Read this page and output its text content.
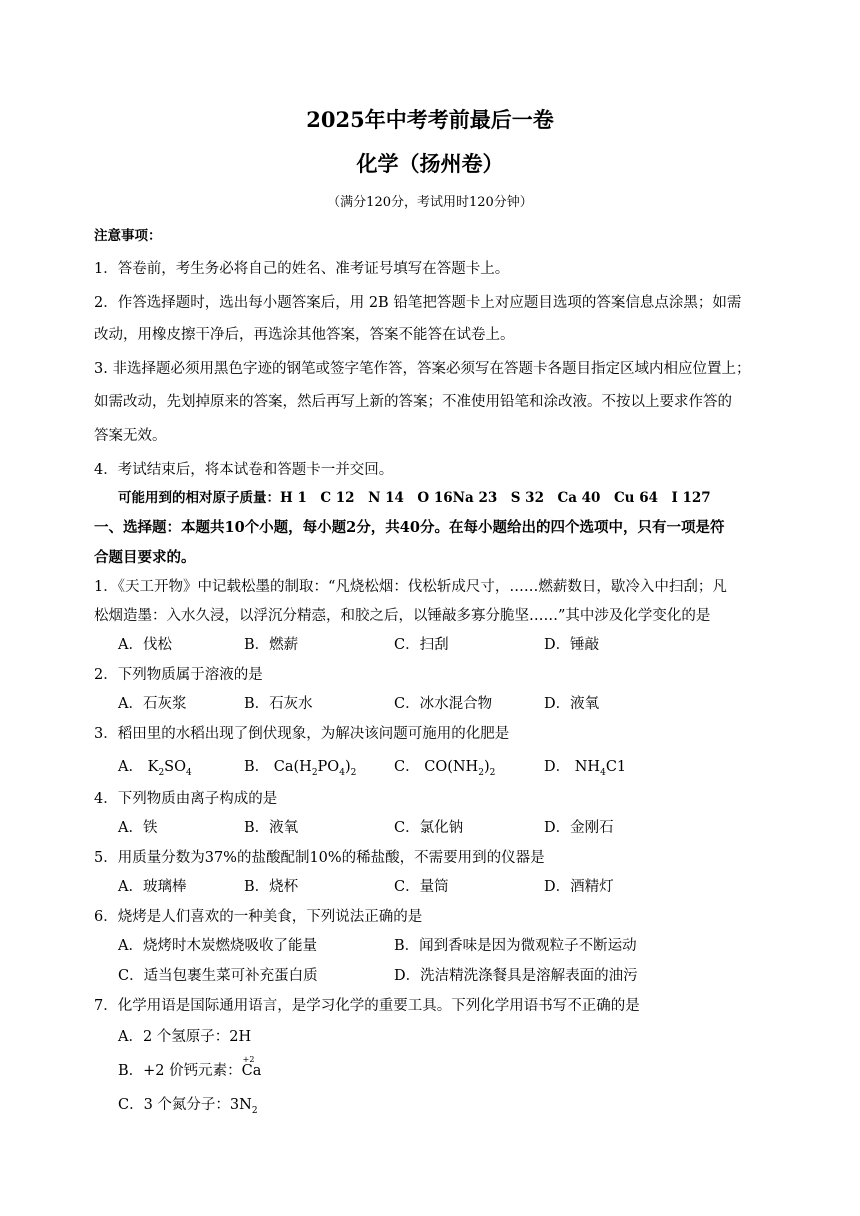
2025年中考考前最后一卷
化学（扬州卷）
（满分120分，考试用时120分钟）
注意事项：
1．答卷前，考生务必将自己的姓名、准考证号填写在答题卡上。
2．作答选择题时，选出每小题答案后，用 2B 铅笔把答题卡上对应题目选项的答案信息点涂黑；如需
改动，用橡皮擦干净后，再选涂其他答案，答案不能答在试卷上。
3. 非选择题必须用黑色字迹的钢笔或签字笔作答，答案必须写在答题卡各题目指定区域内相应位置上；
如需改动，先划掉原来的答案，然后再写上新的答案；不准使用铅笔和涂改液。不按以上要求作答的
答案无效。
4．考试结束后，将本试卷和答题卡一并交回。
可能用到的相对原子质量：H 1　C 12　N 14　O 16Na 23　S 32　Ca 40　Cu 64　I 127
一、选择题：本题共10个小题，每小题2分，共40分。在每小题给出的四个选项中，只有一项是符
合题目要求的。
1．《天工开物》中记载松墨的制取：“凡烧松烟：伐松斩成尺寸，……燃薪数日，歇冷入中扫刮；凡
松烟造墨：入水久浸，以浮沉分精悫，和胶之后，以锤敲多寡分脆坚……”其中涉及化学变化的是
A．伐松	B．燃薪	C．扫刮	D．锤敲
2．下列物质属于溶液的是
A．石灰浆	B．石灰水	C．冰水混合物	D．液氧
3．稻田里的水稻出现了倒伏现象，为解决该问题可施用的化肥是
A． $K_2SO_4$	B． $Ca(H_2PO_4)_2$	C． $CO(NH_2)_2$	D． $NH_4C1$
4．下列物质由离子构成的是
A．铁	B．液氧	C．氯化钠	D．金刚石
5．用质量分数为37%的盐酸配制10%的稀盐酸，不需要用到的仪器是
A．玻璃棒	B．烧杯	C．量筒	D．酒精灯
6．烧烤是人们喜欢的一种美食，下列说法正确的是
A．烧烤时木炭燃烧吸收了能量	B．闻到香味是因为微观粒子不断运动
C．适当包裹生菜可补充蛋白质	D．洗洁精洗涤餐具是溶解表面的油污
7．化学用语是国际通用语言，是学习化学的重要工具。下列化学用语书写不正确的是
A．2 个氢原子：2H
B．+2 价钙元素：
+2
Ca
C．3 个氮分子：$3N_2$
